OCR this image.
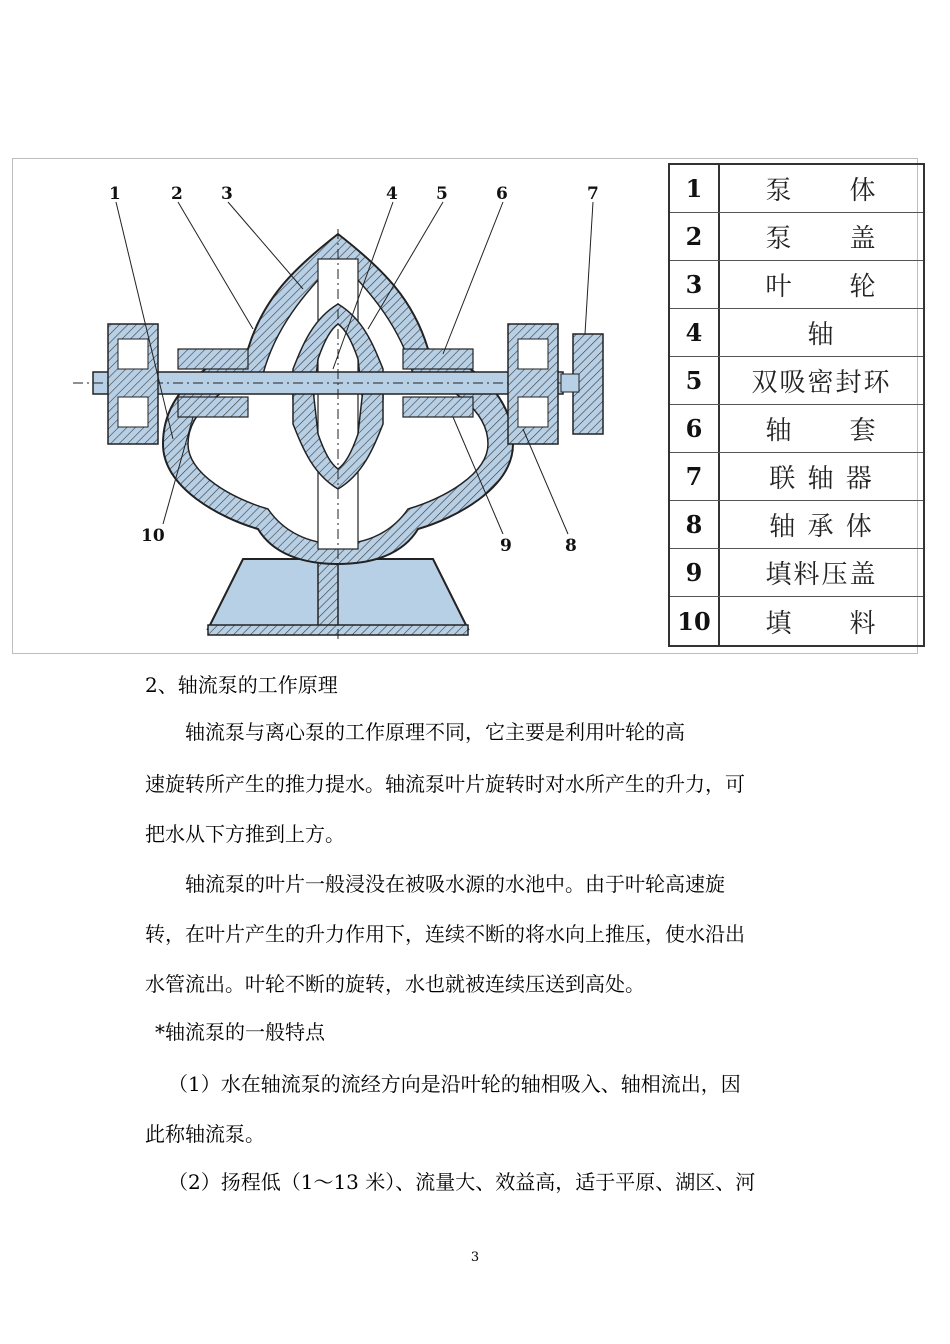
1	2 3	4 5	6	7
8
9
10
1	泵　　体
2	泵　　盖
3	叶　　轮
4	轴
5	双吸密封环
6	轴　　套
7	联 轴 器
8	轴 承 体
9	填料压盖
10	填　　料
2、轴流泵的工作原理
　　轴流泵与离心泵的工作原理不同，它主要是利用叶轮的高
速旋转所产生的推力提水。轴流泵叶片旋转时对水所产生的升力，可
把水从下方推到上方。
　轴流泵的叶片一般浸没在被吸水源的水池中。由于叶轮高速旋
转，在叶片产生的升力作用下，连续不断的将水向上推压，使水沿出
水管流出。叶轮不断的旋转，水也就被连续压送到高处。
*轴流泵的一般特点
（1）水在轴流泵的流经方向是沿叶轮的轴相吸入、轴相流出，因
此称轴流泵。
（2）扬程低（1～13 米）、流量大、效益高，适于平原、湖区、河
3
